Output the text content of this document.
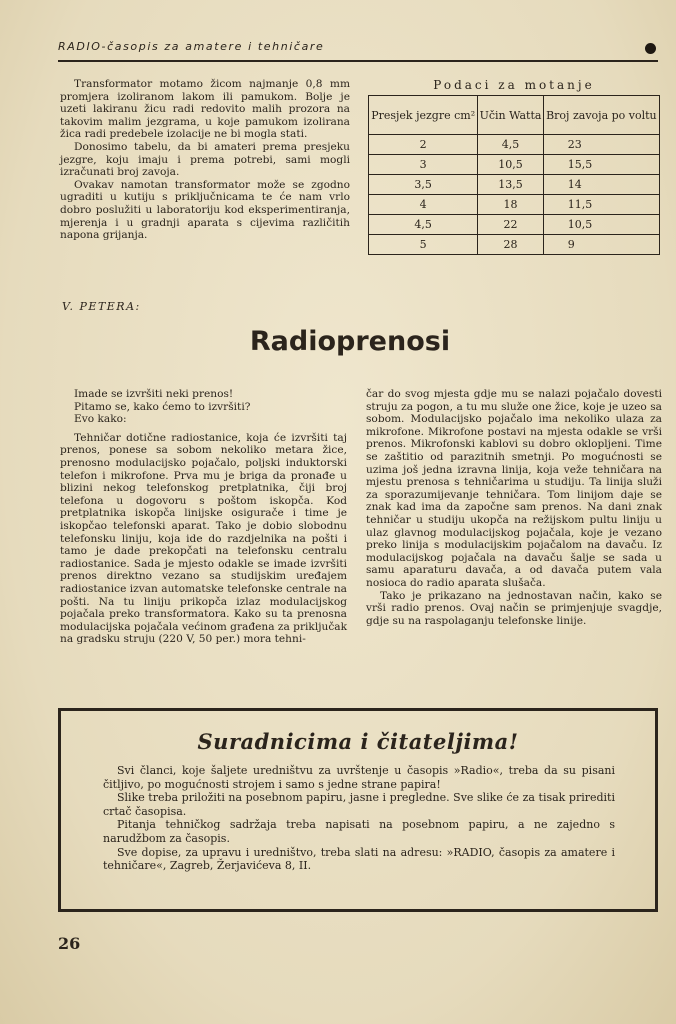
RADIO-časopis za amatere i tehničare

Transformator motamo žicom najmanje 0,8 mm promjera izoliranom lakom ili pamukom. Bolje je uzeti lakiranu žicu radi redovito malih prozora na takovim malim jezgrama, u koje pamukom izolirana žica radi predebele izolacije ne bi mogla stati.

Donosimo tabelu, da bi amateri prema presjeku jezgre, koju imaju i prema potrebi, sami mogli izračunati broj zavoja.

Ovakav namotan transformator može se zgodno ugraditi u kutiju s priključnicama te će nam vrlo dobro poslužiti u laboratoriju kod eksperimentiranja, mjerenja i u gradnji aparata s cijevima različitih napona grijanja.

Podaci za motanje
Presjek jezgre cm²	Učin Watta	Broj zavoja po voltu
2	4,5	23
3	10,5	15,5
3,5	13,5	14
4	18	11,5
4,5	22	10,5
5	28	9
V. PETERA:
Radioprenosi

Imade se izvršiti neki prenos!

Pitamo se, kako ćemo to izvršiti?

Evo kako:

Tehničar dotične radiostanice, koja će izvršiti taj prenos, ponese sa sobom nekoliko metara žice, prenosno modulacijsko pojačalo, poljski induktorski telefon i mikrofone. Prva mu je briga da pronađe u blizini nekog telefonskog pretplatnika, čiji broj telefona u dogovoru s poštom iskopča. Kod pretplatnika iskopča linijske osigurače i time je iskopčao telefonski aparat. Tako je dobio slobodnu telefonsku liniju, koja ide do razdjelnika na pošti i tamo je dade prekopčati na telefonsku centralu radiostanice. Sada je mjesto odakle se imade izvršiti prenos direktno vezano sa studijskim uređajem radiostanice izvan automatske telefonske centrale na pošti. Na tu liniju prikopča izlaz modulacijskog pojačala preko transformatora. Kako su ta prenosna modulacijska pojačala većinom građena za priključak na gradsku struju (220 V, 50 per.) mora tehni-

čar do svog mjesta gdje mu se nalazi pojačalo dovesti struju za pogon, a tu mu služe one žice, koje je uzeo sa sobom. Modulacijsko pojačalo ima nekoliko ulaza za mikrofone. Mikrofone postavi na mjesta odakle se vrši prenos. Mikrofonski kablovi su dobro okloplјeni. Time se zaštitio od parazitnih smetnji. Po mogućnosti se uzima još jedna izravna linija, koja veže tehničara na mjestu prenosa s tehničarima u studiju. Ta linija služi za sporazumijevanje tehničara. Tom linijom daje se znak kad ima da započne sam prenos. Na dani znak tehničar u studiju ukopča na režijskom pultu liniju u ulaz glavnog modulacijskog pojačala, koje je vezano preko linija s modulacijskim pojačalom na davaču. Iz modulacijskog pojačala na davaču šalje se sada u samu aparaturu davača, a od davača putem vala nosioca do radio aparata slušača.

Tako je prikazano na jednostavan način, kako se vrši radio prenos. Ovaj način se primjenjuje svagdje, gdje su na raspolaganju telefonske linije.

Suradnicima i čitateljima!

Svi članci, koje šaljete uredništvu za uvrštenje u časopis »Radio«, treba da su pisani čitljivo, po mogućnosti strojem i samo s jedne strane papira!

Slike treba priložiti na posebnom papiru, jasne i pregledne. Sve slike će za tisak prirediti crtač časopisa.

Pitanja tehničkog sadržaja treba napisati na posebnom papiru, a ne zajedno s narudžbom za časopis.

Sve dopise, za upravu i uredništvo, treba slati na adresu: »RADIO, časopis za amatere i tehničare«, Zagreb, Žerjavićeva 8, II.

26
